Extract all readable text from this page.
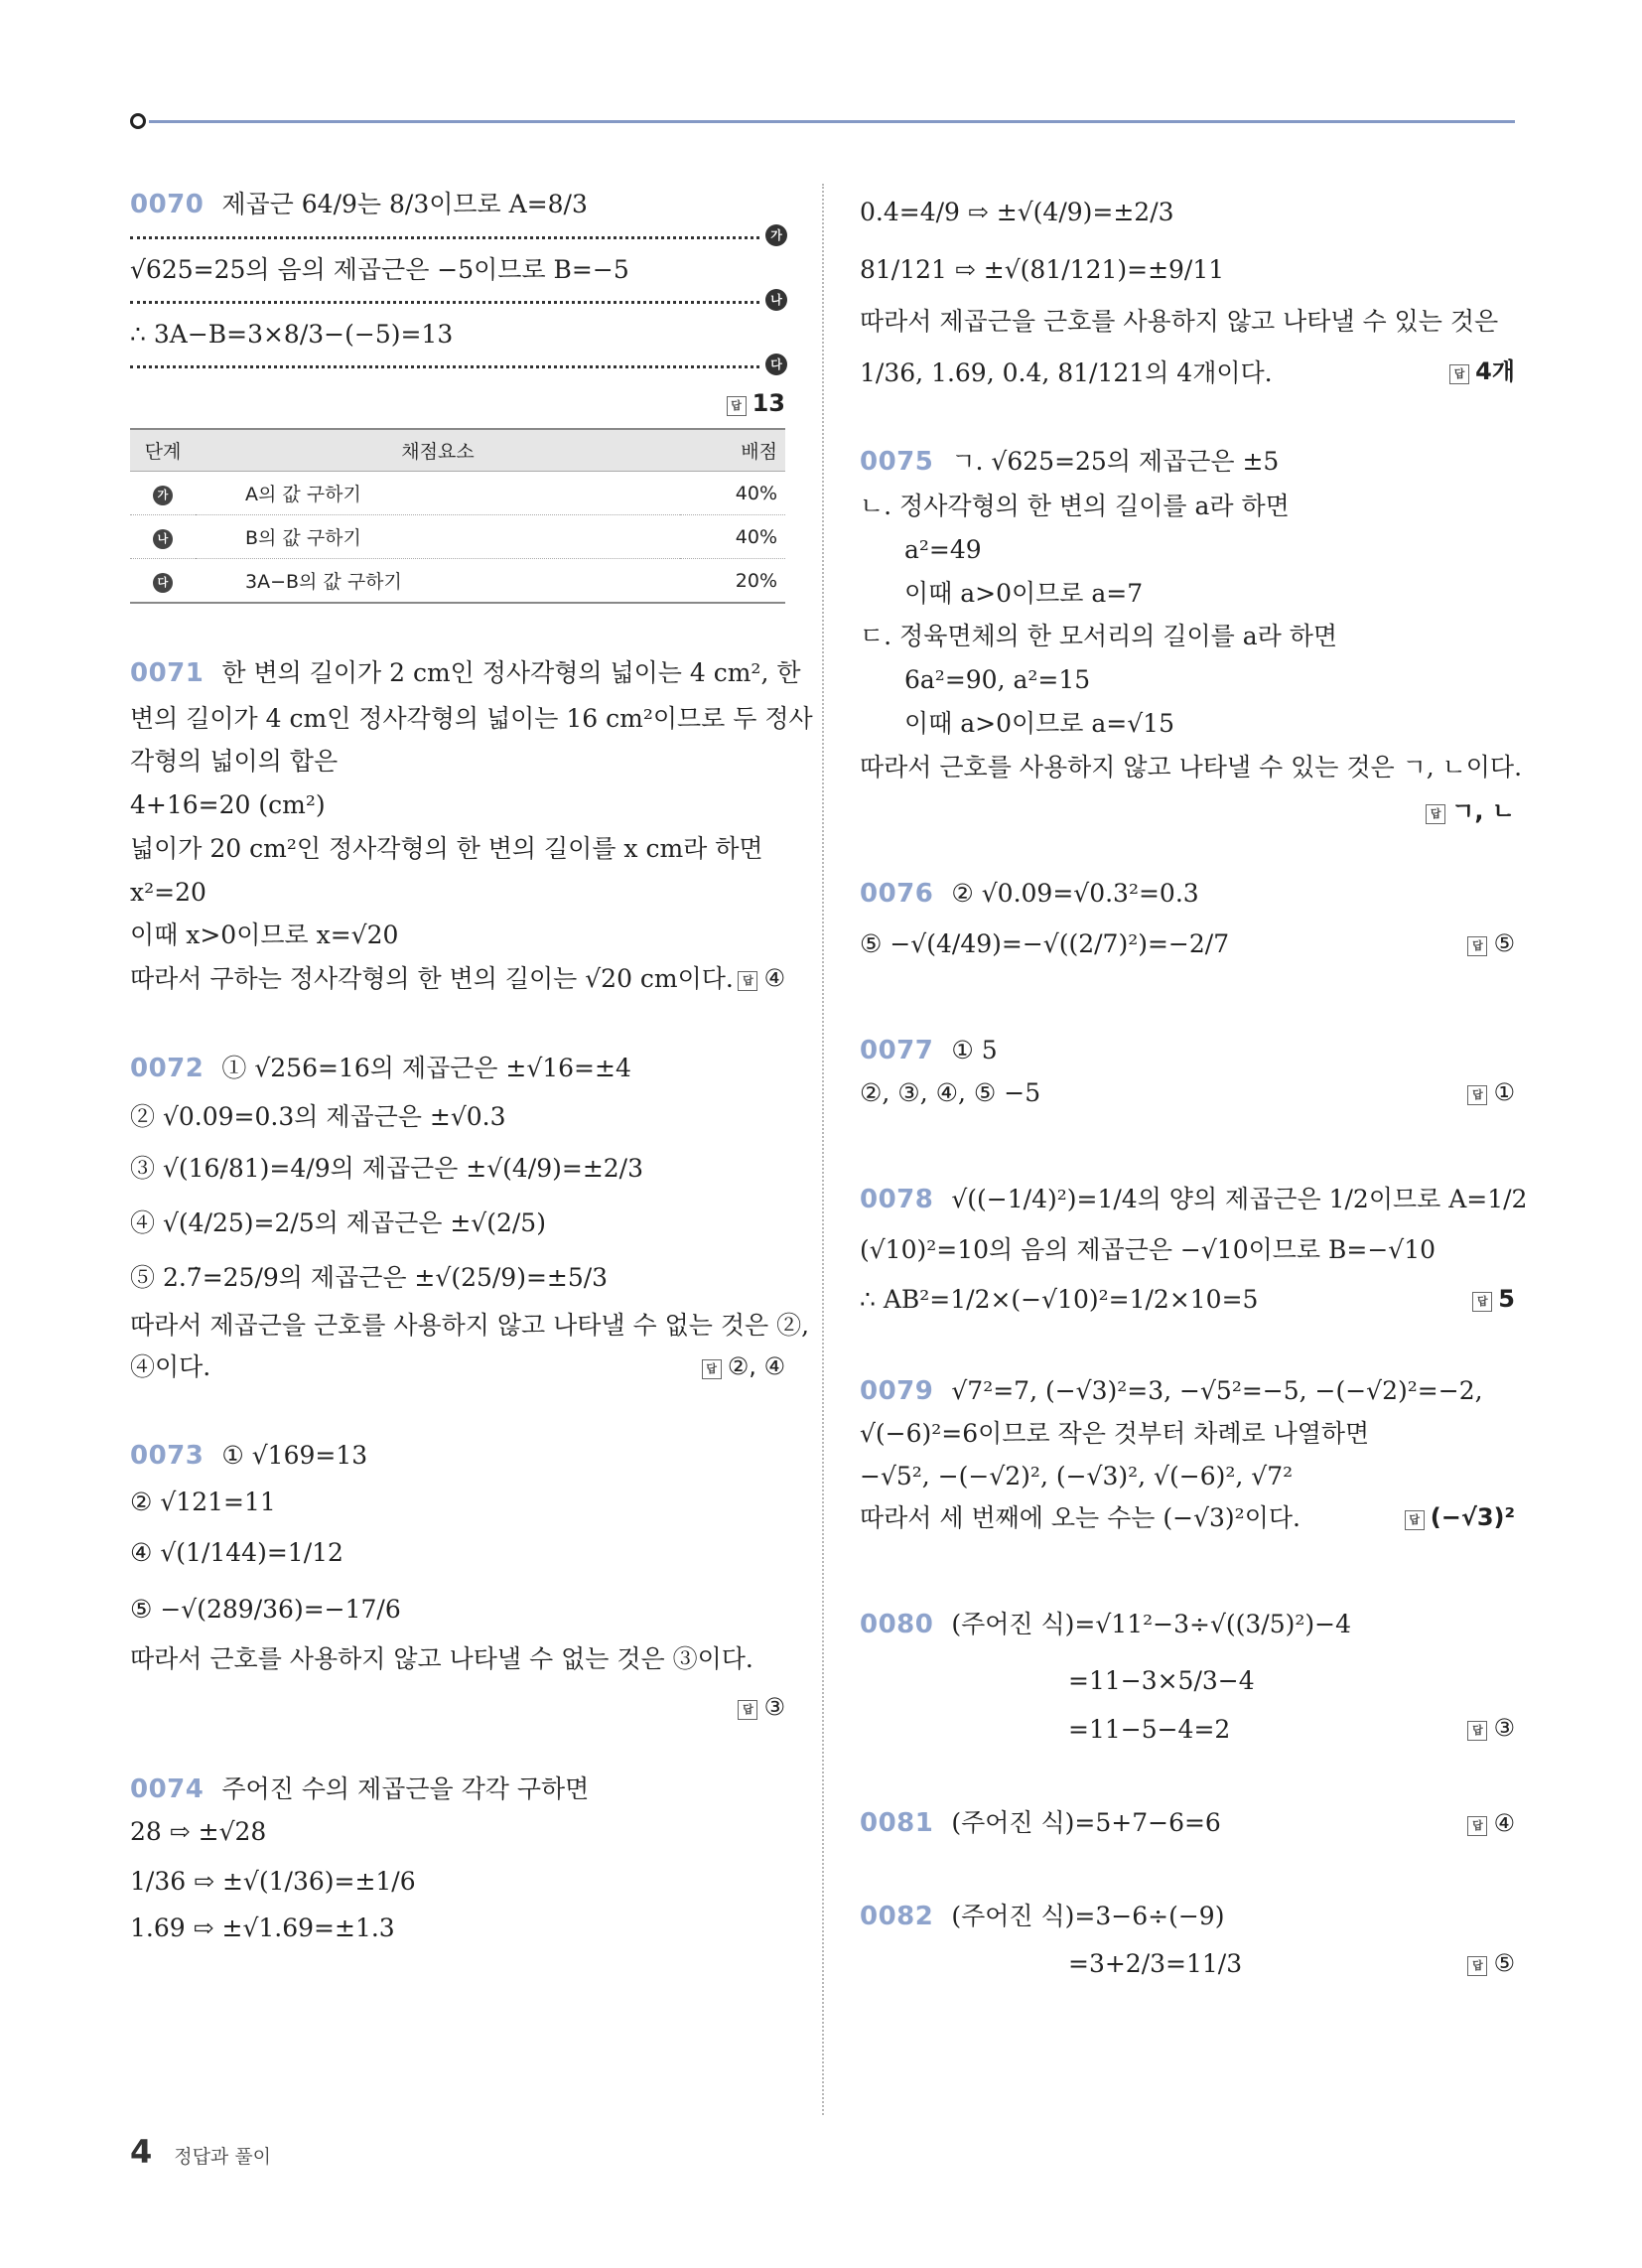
0070 제곱근 64/9는 8/3이므로 A=8/3
가
√625=25의 음의 제곱근은 −5이므로 B=−5
나
∴ 3A−B=3×8/3−(−5)=13
다
답 13
단계	채점요소	배점
가	A의 값 구하기	40%
나	B의 값 구하기	40%
다	3A−B의 값 구하기	20%
0071 한 변의 길이가 2 cm인 정사각형의 넓이는 4 cm², 한
변의 길이가 4 cm인 정사각형의 넓이는 16 cm²이므로 두 정사
각형의 넓이의 합은
4+16=20 (cm²)
넓이가 20 cm²인 정사각형의 한 변의 길이를 x cm라 하면
x²=20
이때 x>0이므로 x=√20
따라서 구하는 정사각형의 한 변의 길이는 √20 cm이다. 답 ④
0072 ① √256=16의 제곱근은 ±√16=±4
② √0.09=0.3의 제곱근은 ±√0.3
③ √(16/81)=4/9의 제곱근은 ±√(4/9)=±2/3
④ √(4/25)=2/5의 제곱근은 ±√(2/5)
⑤ 2.7̇=25/9의 제곱근은 ±√(25/9)=±5/3
따라서 제곱근을 근호를 사용하지 않고 나타낼 수 없는 것은 ②,
④이다.	답 ②, ④
0073 ① √169=13
② √121=11
④ √(1/144)=1/12
⑤ −√(289/36)=−17/6
따라서 근호를 사용하지 않고 나타낼 수 없는 것은 ③이다.
답 ③
0074 주어진 수의 제곱근을 각각 구하면
28 ⇨ ±√28
1/36 ⇨ ±√(1/36)=±1/6
1.69 ⇨ ±√1.69=±1.3
0.4̇=4/9 ⇨ ±√(4/9)=±2/3
81/121 ⇨ ±√(81/121)=±9/11
따라서 제곱근을 근호를 사용하지 않고 나타낼 수 있는 것은
1/36, 1.69, 0.4̇, 81/121의 4개이다.	답 4개
0075 ㄱ. √625=25의 제곱근은 ±5
ㄴ. 정사각형의 한 변의 길이를 a라 하면
a²=49
이때 a>0이므로 a=7
ㄷ. 정육면체의 한 모서리의 길이를 a라 하면
6a²=90, a²=15
이때 a>0이므로 a=√15
따라서 근호를 사용하지 않고 나타낼 수 있는 것은 ㄱ, ㄴ이다.
답 ㄱ, ㄴ
0076 ② √0.09=√0.3²=0.3
⑤ −√(4/49)=−√((2/7)²)=−2/7	답 ⑤
0077 ① 5
②, ③, ④, ⑤ −5	답 ①
0078 √((−1/4)²)=1/4의 양의 제곱근은 1/2이므로 A=1/2
(√10)²=10의 음의 제곱근은 −√10이므로 B=−√10
∴ AB²=1/2×(−√10)²=1/2×10=5	답 5
0079 √7²=7, (−√3)²=3, −√5²=−5, −(−√2)²=−2,
√(−6)²=6이므로 작은 것부터 차례로 나열하면
−√5², −(−√2)², (−√3)², √(−6)², √7²
따라서 세 번째에 오는 수는 (−√3)²이다.	답 (−√3)²
0080 (주어진 식)=√11²−3÷√((3/5)²)−4
=11−3×5/3−4
=11−5−4=2	답 ③
0081 (주어진 식)=5+7−6=6	답 ④
0082 (주어진 식)=3−6÷(−9)
=3+2/3=11/3	답 ⑤
4 정답과 풀이
